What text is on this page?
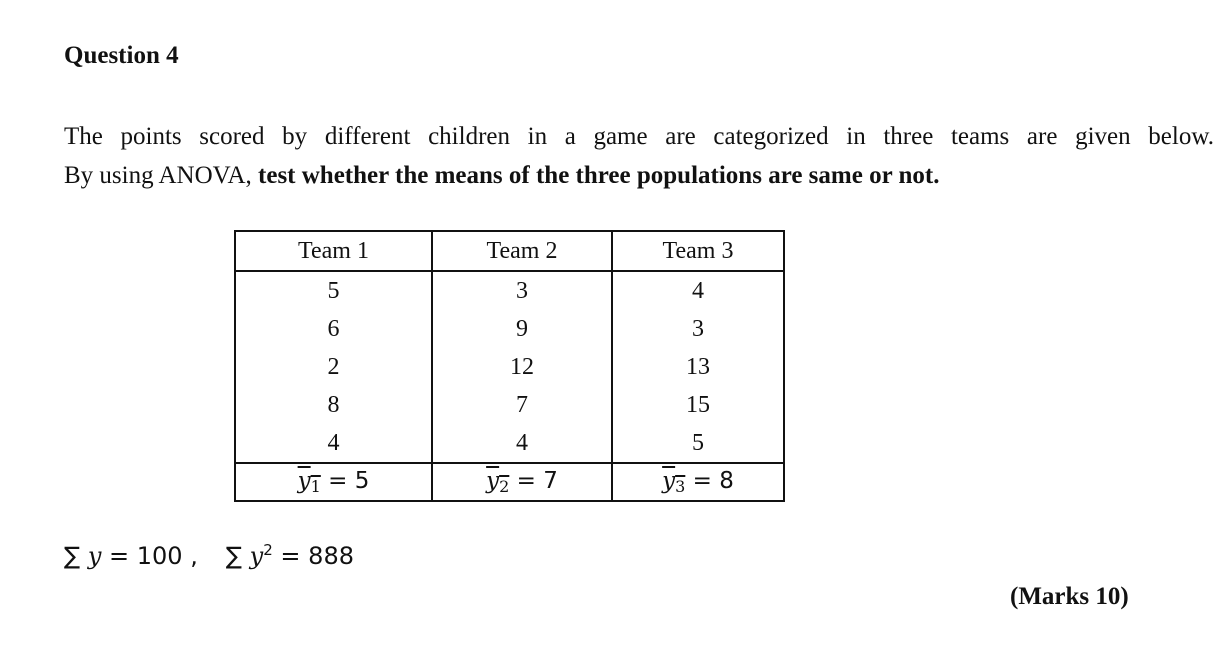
Question 4
The points scored by different children in a game are categorized in three teams are given below.
By using ANOVA, test whether the means of the three populations are same or not.
Team 1	Team 2	Team 3
5	3	4
6	9	3
2	12	13
8	7	15
4	4	5
$y_1 = 5$	$y_2 = 7$	$y_3 = 8$
∑ y = 100 , ∑ $y^2 = 888$
(Marks 10)
